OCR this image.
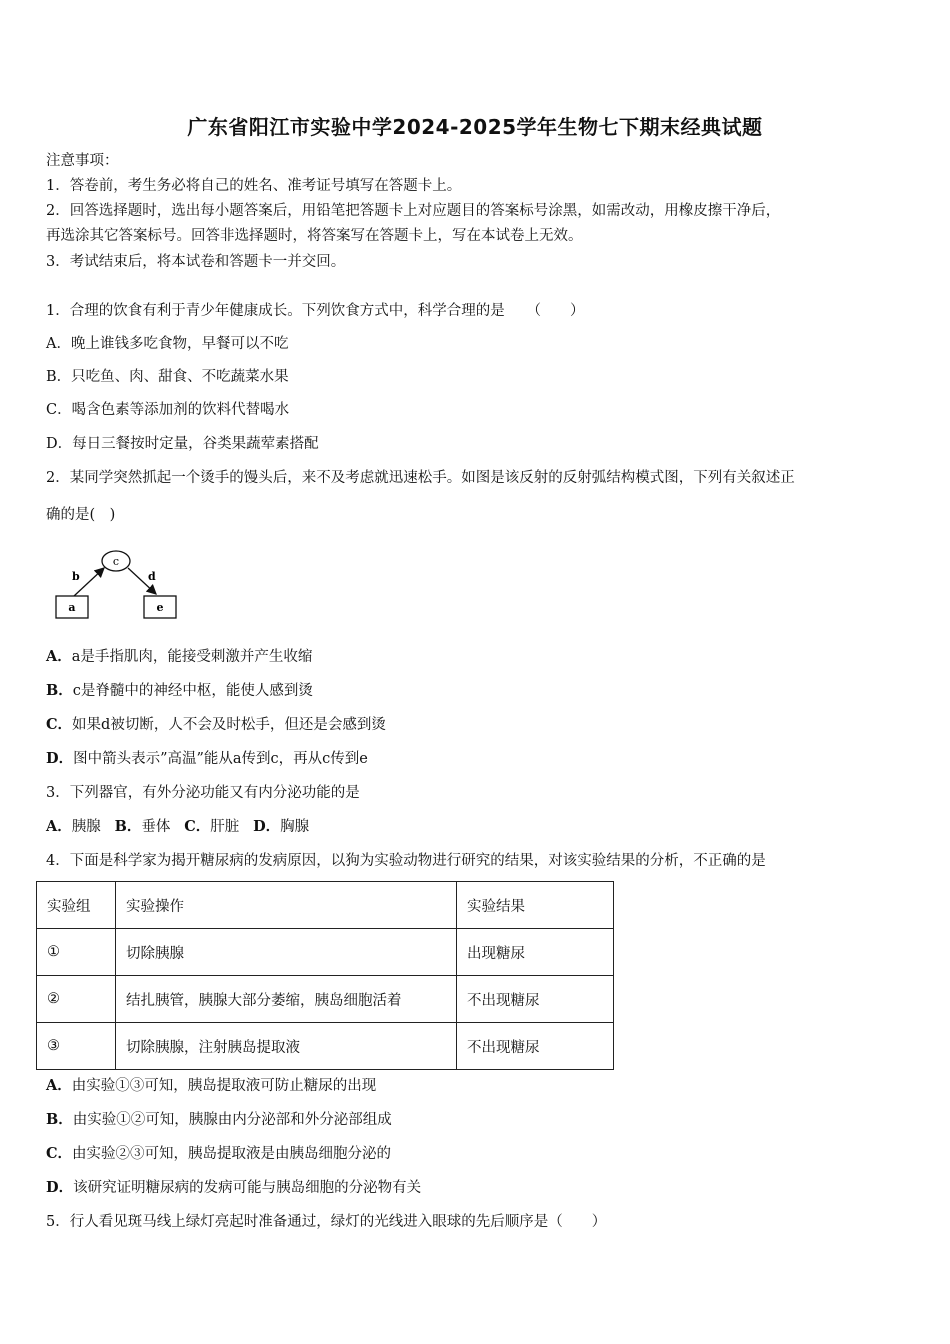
广东省阳江市实验中学2024-2025学年生物七下期末经典试题
注意事项：
1．答卷前，考生务必将自己的姓名、准考证号填写在答题卡上。
2．回答选择题时，选出每小题答案后，用铅笔把答题卡上对应题目的答案标号涂黑，如需改动，用橡皮擦干净后，
再选涂其它答案标号。回答非选择题时，将答案写在答题卡上，写在本试卷上无效。
3．考试结束后，将本试卷和答题卡一并交回。
1．合理的饮食有利于青少年健康成长。下列饮食方式中，科学合理的是　　（　　）
A．晚上谁钱多吃食物，早餐可以不吃
B．只吃鱼、肉、甜食、不吃蔬菜水果
C．喝含色素等添加剂的饮料代替喝水
D．每日三餐按时定量，谷类果蔬荤素搭配
2．某同学突然抓起一个烫手的馒头后，来不及考虑就迅速松手。如图是该反射的反射弧结构模式图，下列有关叙述正
确的是(　)
c
a	e
b	d
A．a是手指肌肉，能接受刺激并产生收缩
B．c是脊髓中的神经中枢，能使人感到烫
C．如果d被切断，人不会及时松手，但还是会感到烫
D．图中箭头表示”高温”能从a传到c，再从c传到e
3．下列器官，有外分泌功能又有内分泌功能的是
A．胰腺 B．垂体 C．肝脏 D．胸腺
4．下面是科学家为揭开糖尿病的发病原因，以狗为实验动物进行研究的结果，对该实验结果的分析，不正确的是
实验组	实验操作	实验结果
①	切除胰腺	出现糖尿
②	结扎胰管，胰腺大部分萎缩，胰岛细胞活着	不出现糖尿
③	切除胰腺，注射胰岛提取液	不出现糖尿
A．由实验①③可知，胰岛提取液可防止糖尿的出现
B．由实验①②可知，胰腺由内分泌部和外分泌部组成
C．由实验②③可知，胰岛提取液是由胰岛细胞分泌的
D．该研究证明糖尿病的发病可能与胰岛细胞的分泌物有关
5．行人看见斑马线上绿灯亮起时准备通过，绿灯的光线进入眼球的先后顺序是（　　）
